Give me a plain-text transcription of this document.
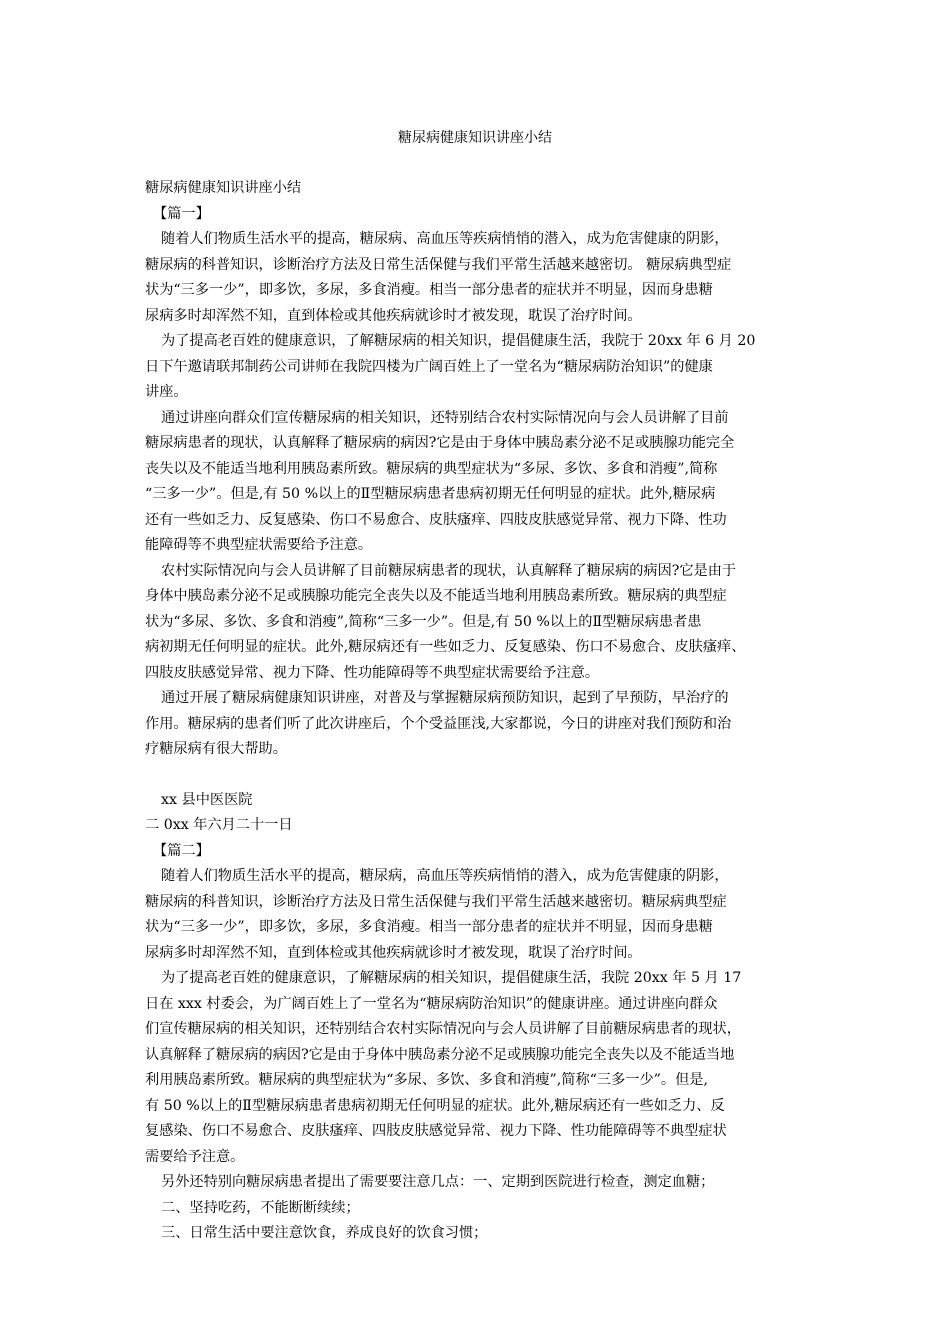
糖尿病健康知识讲座小结
糖尿病健康知识讲座小结
【篇一】
随着人们物质生活水平的提高，糖尿病、高血压等疾病悄悄的潜入，成为危害健康的阴影，
糖尿病的科普知识，诊断治疗方法及日常生活保健与我们平常生活越来越密切。 糖尿病典型症
状为“三多一少”，即多饮，多尿，多食消瘦。相当一部分患者的症状并不明显，因而身患糖
尿病多时却浑然不知，直到体检或其他疾病就诊时才被发现，耽误了治疗时间。
为了提高老百姓的健康意识，了解糖尿病的相关知识，提倡健康生活，我院于 20xx 年 6 月 20
日下午邀请联邦制药公司讲师在我院四楼为广阔百姓上了一堂名为“糖尿病防治知识”的健康
讲座。
通过讲座向群众们宣传糖尿病的相关知识，还特别结合农村实际情况向与会人员讲解了目前
糖尿病患者的现状，认真解释了糖尿病的病因?它是由于身体中胰岛素分泌不足或胰腺功能完全
丧失以及不能适当地利用胰岛素所致。糖尿病的典型症状为“多尿、多饮、多食和消瘦”,简称
“三多一少”。但是,有 50 %以上的Ⅱ型糖尿病患者患病初期无任何明显的症状。此外,糖尿病
还有一些如乏力、反复感染、伤口不易愈合、皮肤瘙痒、四肢皮肤感觉异常、视力下降、性功
能障碍等不典型症状需要给予注意。
农村实际情况向与会人员讲解了目前糖尿病患者的现状，认真解释了糖尿病的病因?它是由于
身体中胰岛素分泌不足或胰腺功能完全丧失以及不能适当地利用胰岛素所致。糖尿病的典型症
状为“多尿、多饮、多食和消瘦”,简称“三多一少”。但是,有 50 %以上的Ⅱ型糖尿病患者患
病初期无任何明显的症状。此外,糖尿病还有一些如乏力、反复感染、伤口不易愈合、皮肤瘙痒、
四肢皮肤感觉异常、视力下降、性功能障碍等不典型症状需要给予注意。
通过开展了糖尿病健康知识讲座，对普及与掌握糖尿病预防知识，起到了早预防，早治疗的
作用。糖尿病的患者们听了此次讲座后，个个受益匪浅,大家都说，今日的讲座对我们预防和治
疗糖尿病有很大帮助。
xx 县中医医院
二 0xx 年六月二十一日
【篇二】
随着人们物质生活水平的提高，糖尿病，高血压等疾病悄悄的潜入，成为危害健康的阴影，
糖尿病的科普知识，诊断治疗方法及日常生活保健与我们平常生活越来越密切。糖尿病典型症
状为“三多一少”，即多饮，多尿，多食消瘦。相当一部分患者的症状并不明显，因而身患糖
尿病多时却浑然不知，直到体检或其他疾病就诊时才被发现，耽误了治疗时间。
为了提高老百姓的健康意识，了解糖尿病的相关知识，提倡健康生活，我院 20xx 年 5 月 17
日在 xxx 村委会，为广阔百姓上了一堂名为“糖尿病防治知识”的健康讲座。通过讲座向群众
们宣传糖尿病的相关知识，还特别结合农村实际情况向与会人员讲解了目前糖尿病患者的现状，
认真解释了糖尿病的病因?它是由于身体中胰岛素分泌不足或胰腺功能完全丧失以及不能适当地
利用胰岛素所致。糖尿病的典型症状为“多尿、多饮、多食和消瘦”,简称“三多一少”。但是,
有 50 %以上的Ⅱ型糖尿病患者患病初期无任何明显的症状。此外,糖尿病还有一些如乏力、反
复感染、伤口不易愈合、皮肤瘙痒、四肢皮肤感觉异常、视力下降、性功能障碍等不典型症状
需要给予注意。
另外还特别向糖尿病患者提出了需要要注意几点：一、定期到医院进行检查，测定血糖；
二、坚持吃药，不能断断续续；
三、日常生活中要注意饮食，养成良好的饮食习惯；
